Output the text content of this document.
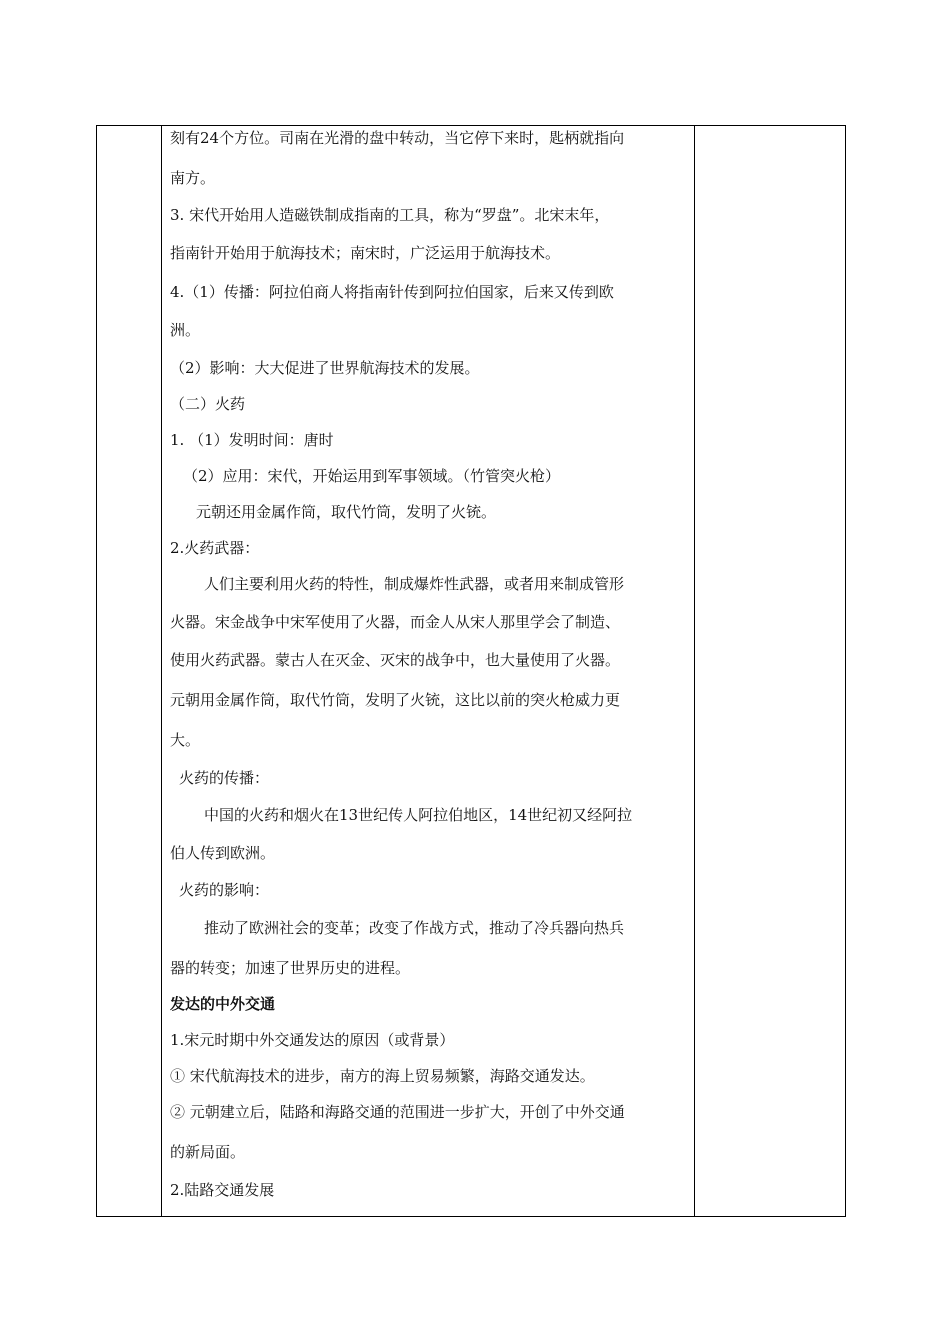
刻有24个方位。司南在光滑的盘中转动，当它停下来时，匙柄就指向
南方。
3. 宋代开始用人造磁铁制成指南的工具，称为“罗盘”。北宋末年，
指南针开始用于航海技术；南宋时，广泛运用于航海技术。
4.（1）传播：阿拉伯商人将指南针传到阿拉伯国家，后来又传到欧
洲。
（2）影响：大大促进了世界航海技术的发展。
（二）火药
1. （1）发明时间：唐时
（2）应用：宋代，开始运用到军事领域。（竹管突火枪）
元朝还用金属作筒，取代竹筒，发明了火铳。
2.火药武器：
人们主要利用火药的特性，制成爆炸性武器，或者用来制成管形
火器。宋金战争中宋军使用了火器，而金人从宋人那里学会了制造、
使用火药武器。蒙古人在灭金、灭宋的战争中，也大量使用了火器。
元朝用金属作筒，取代竹筒，发明了火铳，这比以前的突火枪威力更
大。
火药的传播：
中国的火药和烟火在13世纪传人阿拉伯地区，14世纪初又经阿拉
伯人传到欧洲。
火药的影响：
推动了欧洲社会的变革；改变了作战方式，推动了冷兵器向热兵
器的转变；加速了世界历史的进程。
发达的中外交通
1.宋元时期中外交通发达的原因（或背景）
① 宋代航海技术的进步，南方的海上贸易频繁，海路交通发达。
② 元朝建立后，陆路和海路交通的范围进一步扩大，开创了中外交通
的新局面。
2.陆路交通发展
